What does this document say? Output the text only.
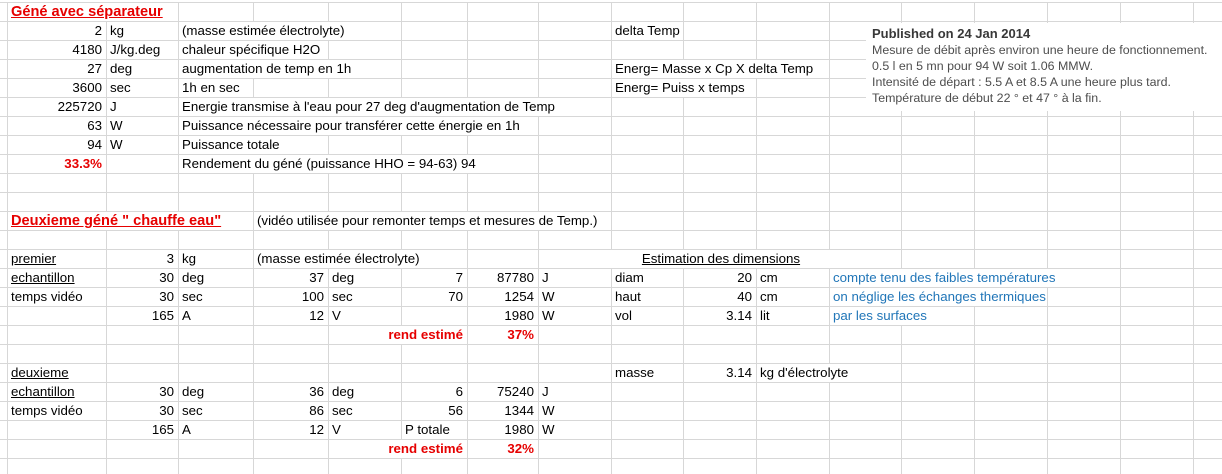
Géné avec séparateur
2 kg	(masse estimée électrolyte)	delta Temp
4180 J/kg.deg chaleur spécifique H2O
27 deg	augmentation de temp en 1h	Energ= Masse x Cp X delta Temp
3600 sec	1h en sec	Energ= Puiss x temps
225720 J	Energie transmise à l'eau pour 27 deg d'augmentation de Temp
63 W	Puissance nécessaire pour transférer cette énergie en 1h
94 W	Puissance totale
33.3%	Rendement du géné (puissance HHO = 94-63) 94
Deuxieme géné " chauffe eau"	(vidéo utilisée pour remonter temps et mesures de Temp.)
premier	3 kg	(masse estimée électrolyte)	Estimation des dimensions
echantillon	30 deg	37 deg	7	87780 J	diam	20 cm	compte tenu des faibles températures
temps vidéo	30 sec	100 sec	70	1254 W	haut	40 cm	on néglige les échanges thermiques
165 A	12 V	1980 W	vol	3.14 lit	par les surfaces
rend estimé	37%
deuxieme	masse	3.14 kg d'électrolyte
echantillon	30 deg	36 deg	6	75240 J
temps vidéo	30 sec	86 sec	56	1344 W
165 A	12 V	P totale	1980 W
rend estimé	32%
Published on 24 Jan 2014
Mesure de débit après environ une heure de fonctionnement.
0.5 l en 5 mn pour 94 W soit 1.06 MMW.
Intensité de départ : 5.5 A et 8.5 A une heure plus tard.
Température de début 22 ° et 47 ° à la fin.
